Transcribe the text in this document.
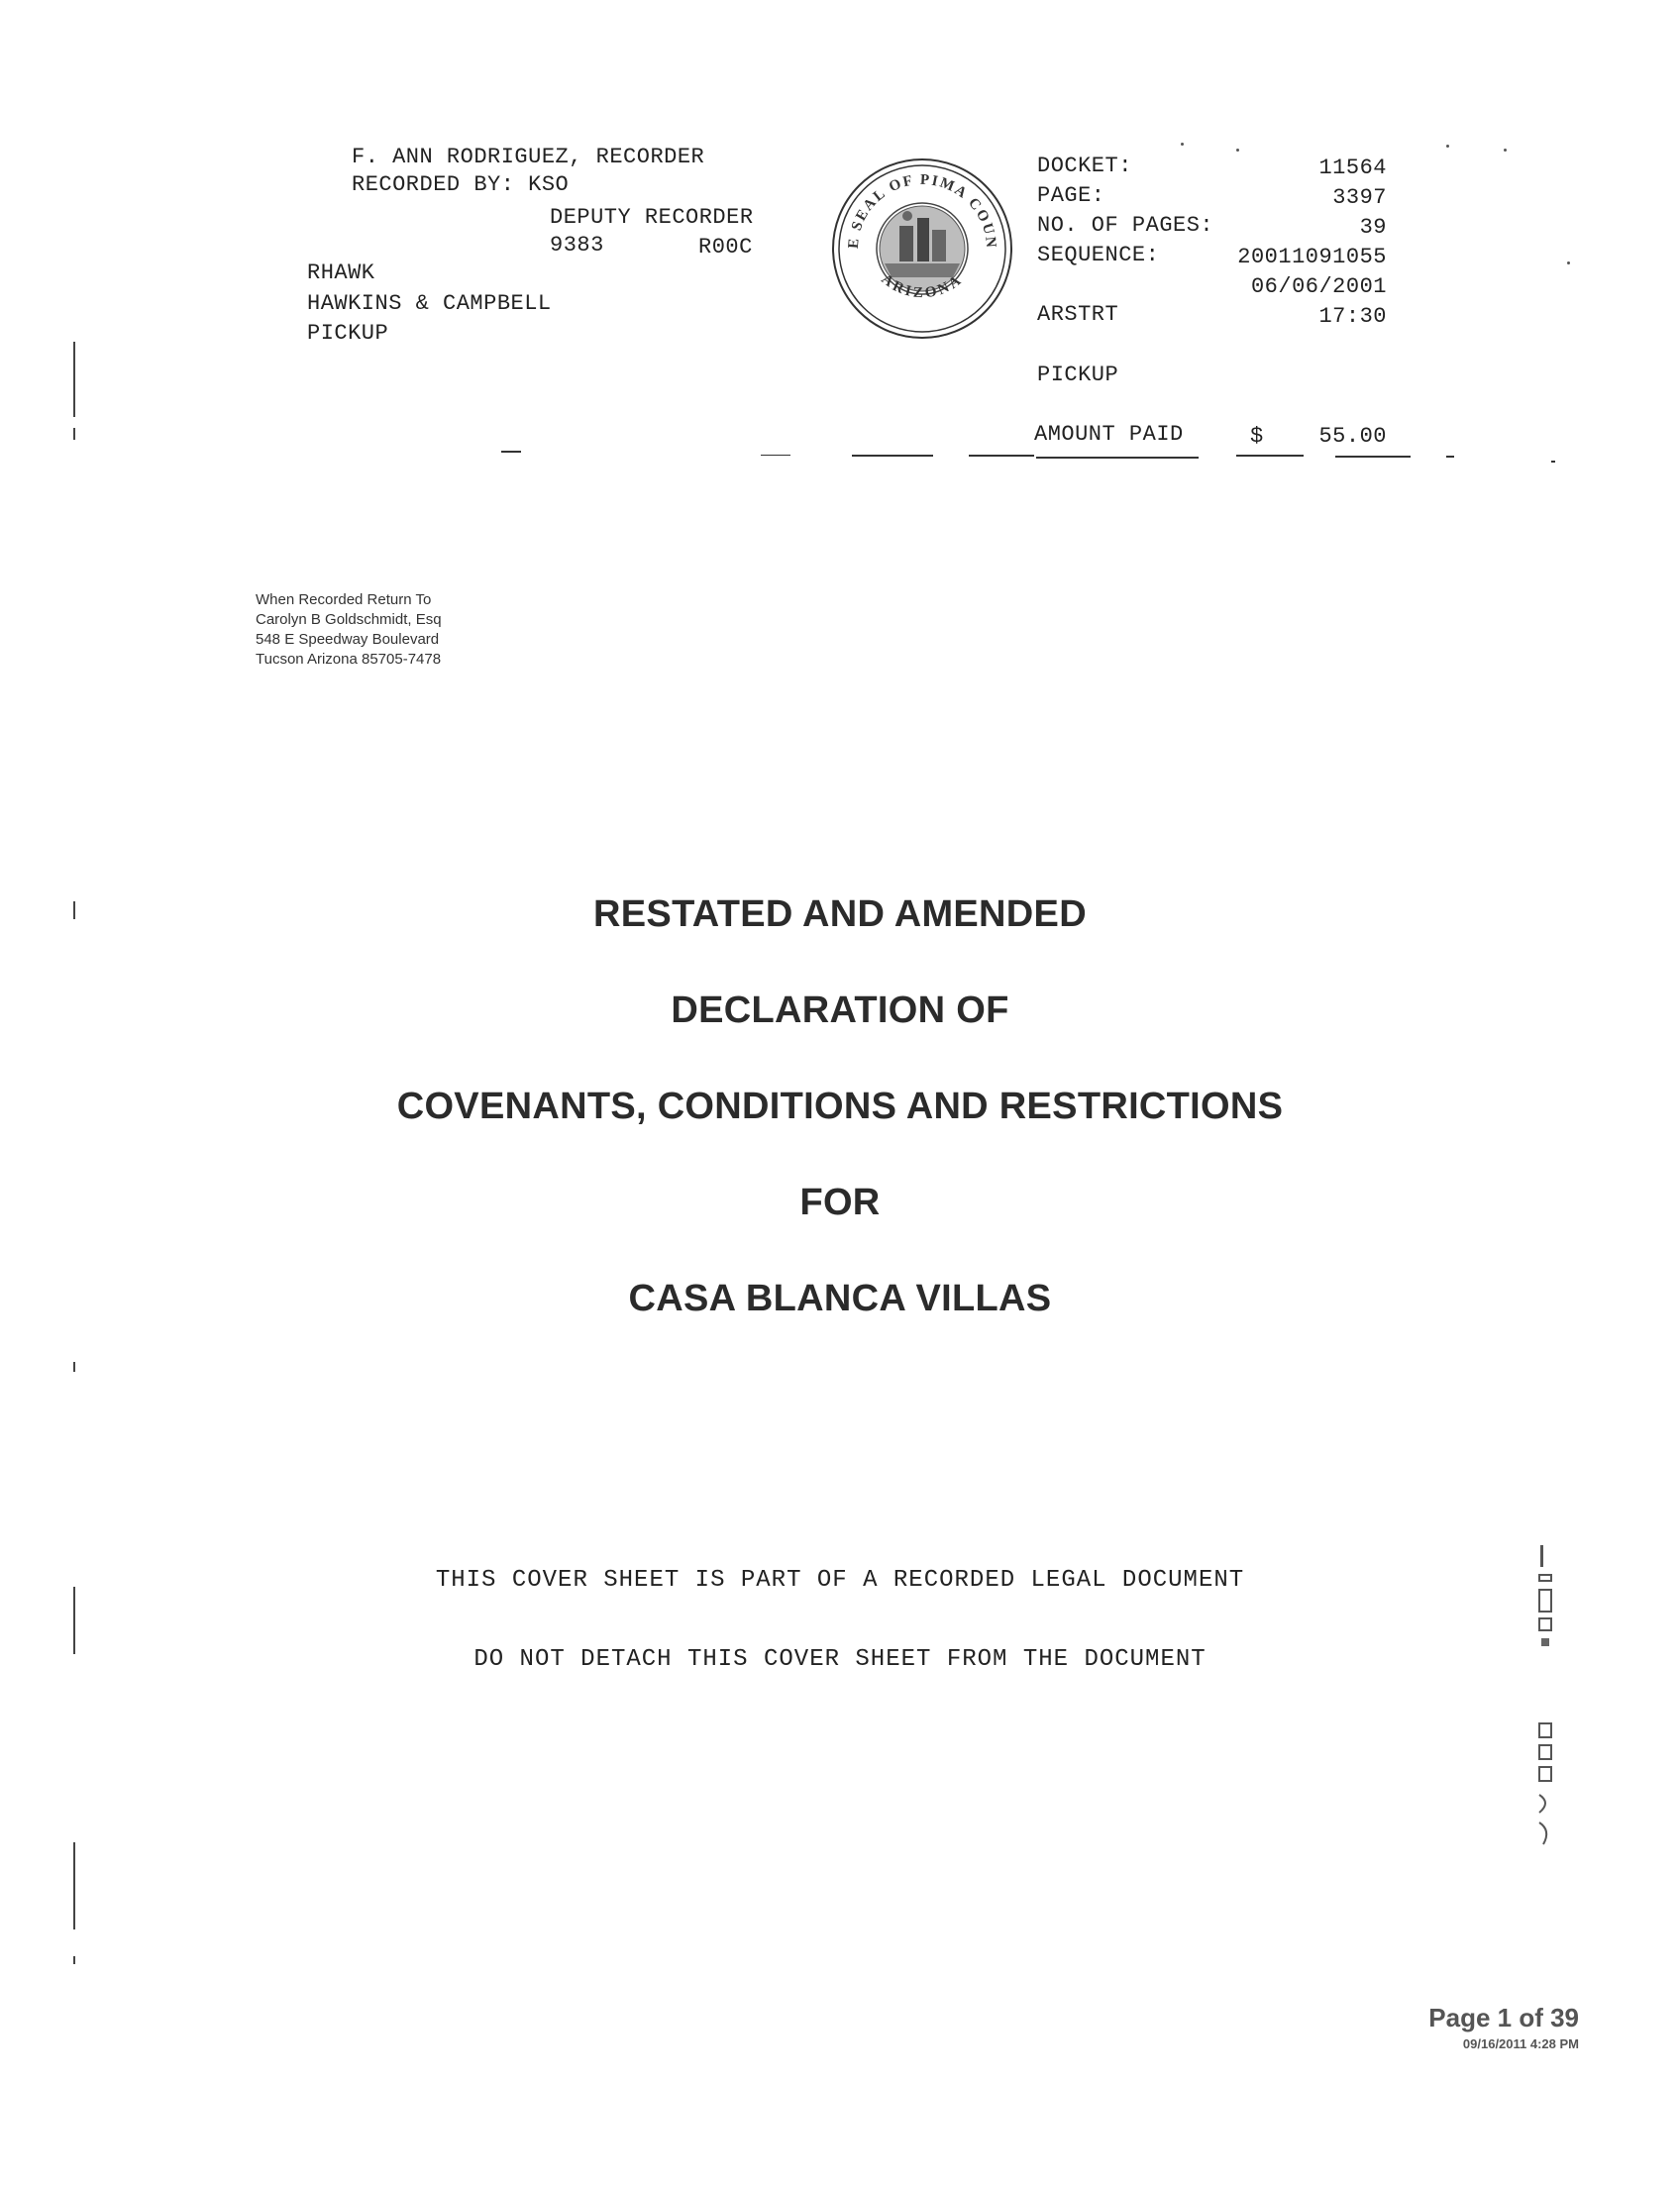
F. ANN RODRIGUEZ, RECORDER
RECORDED BY: KSO
DEPUTY RECORDER
9383	R00C
RHAWK
HAWKINS & CAMPBELL
PICKUP
E SEAL OF PIMA COUN
ARIZONA
DOCKET:	11564
PAGE:	3397
NO. OF PAGES:	39
SEQUENCE:	20011091055
06/06/2001
ARSTRT	17:30
PICKUP
AMOUNT PAID	$	55.00
When Recorded Return To
Carolyn B Goldschmidt, Esq
548 E Speedway Boulevard
Tucson Arizona 85705-7478
RESTATED AND AMENDED
DECLARATION OF
COVENANTS, CONDITIONS AND RESTRICTIONS
FOR
CASA BLANCA VILLAS
THIS COVER SHEET IS PART OF A RECORDED LEGAL DOCUMENT
DO NOT DETACH THIS COVER SHEET FROM THE DOCUMENT
Page 1 of 39
09/16/2011 4:28 PM
